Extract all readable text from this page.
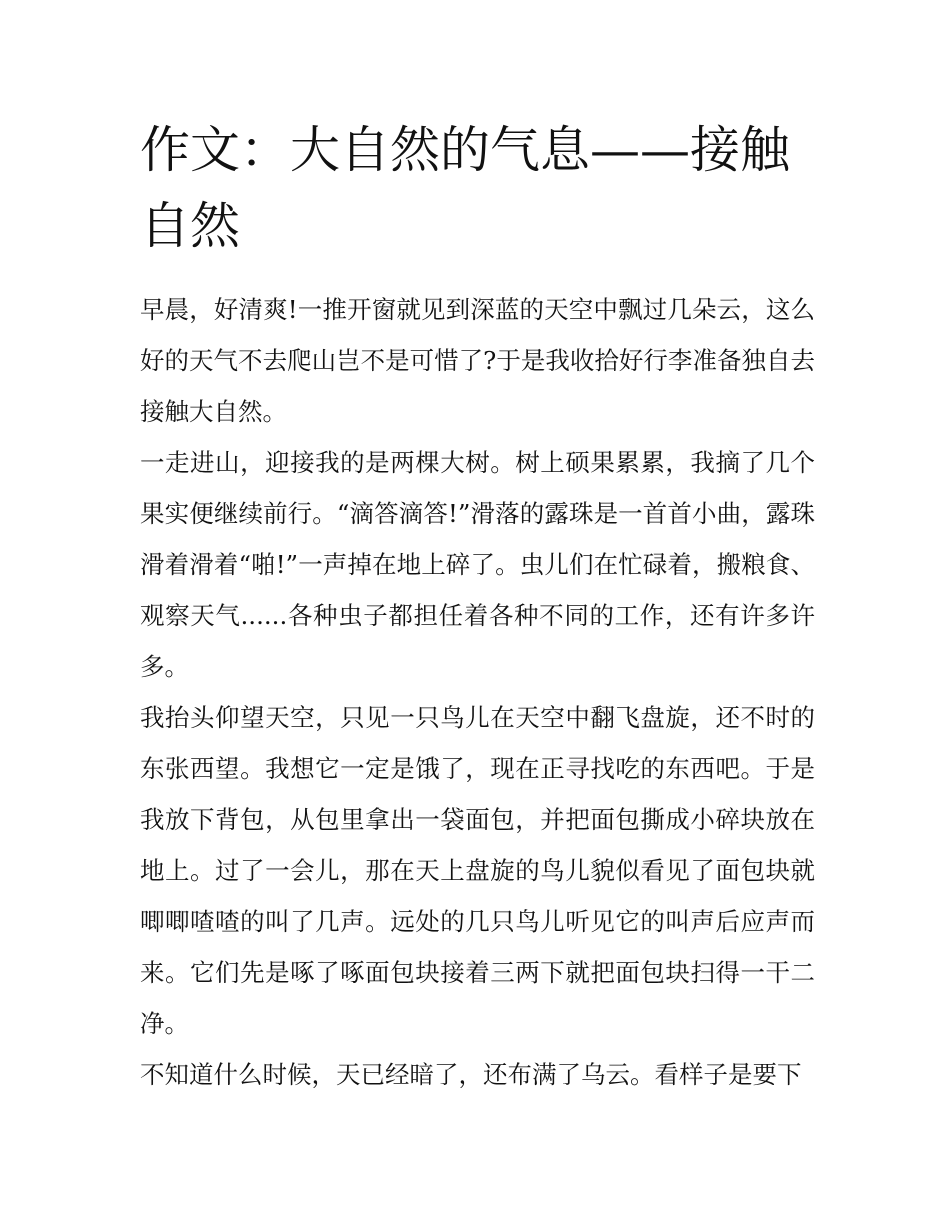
作文：大自然的气息——接触自然

早晨，好清爽!一推开窗就见到深蓝的天空中飘过几朵云，这么好的天气不去爬山岂不是可惜了?于是我收拾好行李准备独自去接触大自然。

一走进山，迎接我的是两棵大树。树上硕果累累，我摘了几个果实便继续前行。“滴答滴答!”滑落的露珠是一首首小曲，露珠滑着滑着“啪!”一声掉在地上碎了。虫儿们在忙碌着，搬粮食、观察天气......各种虫子都担任着各种不同的工作，还有许多许多。

我抬头仰望天空，只见一只鸟儿在天空中翻飞盘旋，还不时的东张西望。我想它一定是饿了，现在正寻找吃的东西吧。于是我放下背包，从包里拿出一袋面包，并把面包撕成小碎块放在地上。过了一会儿，那在天上盘旋的鸟儿貌似看见了面包块就唧唧喳喳的叫了几声。远处的几只鸟儿听见它的叫声后应声而来。它们先是啄了啄面包块接着三两下就把面包块扫得一干二净。

不知道什么时候，天已经暗了，还布满了乌云。看样子是要下
